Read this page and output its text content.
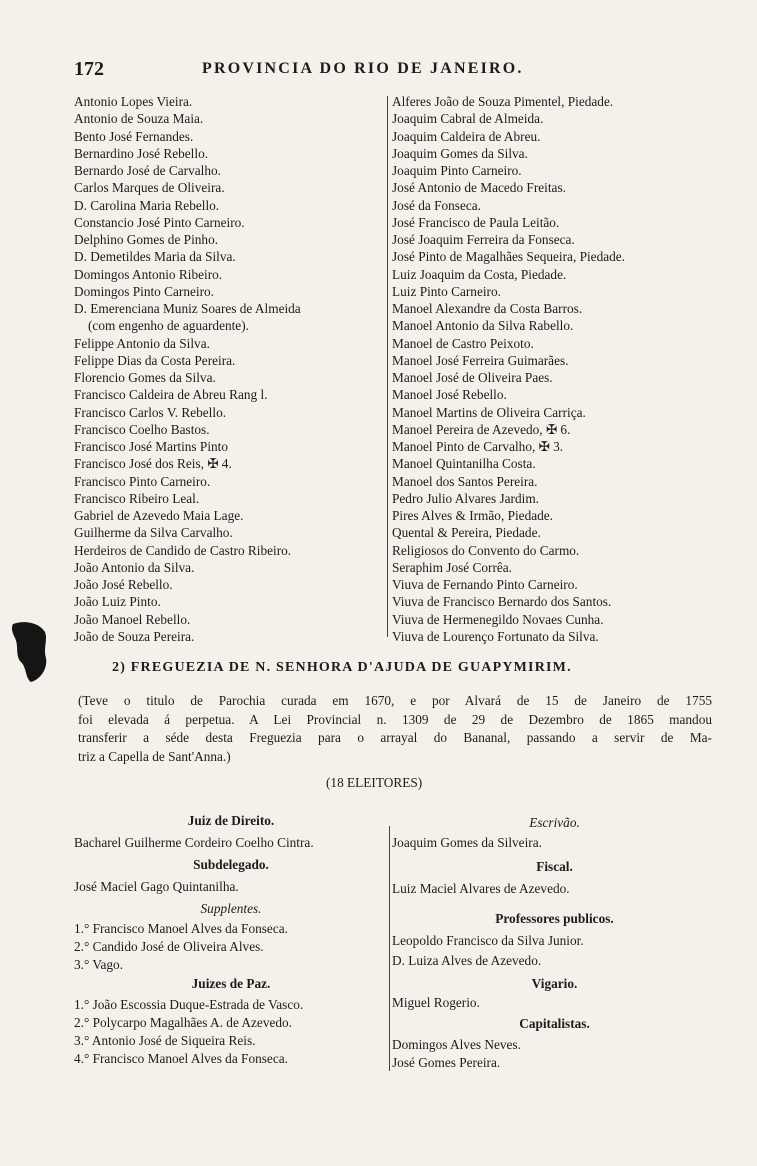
172	PROVINCIA DO RIO DE JANEIRO.
Antonio Lopes Vieira.
Antonio de Souza Maia.
Bento José Fernandes.
Bernardino José Rebello.
Bernardo José de Carvalho.
Carlos Marques de Oliveira.
D. Carolina Maria Rebello.
Constancio José Pinto Carneiro.
Delphino Gomes de Pinho.
D. Demetildes Maria da Silva.
Domingos Antonio Ribeiro.
Domingos Pinto Carneiro.
D. Emerenciana Muniz Soares de Almeida
(com engenho de aguardente).
Felippe Antonio da Silva.
Felippe Dias da Costa Pereira.
Florencio Gomes da Silva.
Francisco Caldeira de Abreu Rang l.
Francisco Carlos V. Rebello.
Francisco Coelho Bastos.
Francisco José Martins Pinto
Francisco José dos Reis, ✠ 4.
Francisco Pinto Carneiro.
Francisco Ribeiro Leal.
Gabriel de Azevedo Maia Lage.
Guilherme da Silva Carvalho.
Herdeiros de Candido de Castro Ribeiro.
João Antonio da Silva.
João José Rebello.
João Luiz Pinto.
João Manoel Rebello.
João de Souza Pereira.
Alferes João de Souza Pimentel, Piedade.
Joaquim Cabral de Almeida.
Joaquim Caldeira de Abreu.
Joaquim Gomes da Silva.
Joaquim Pinto Carneiro.
José Antonio de Macedo Freitas.
José da Fonseca.
José Francisco de Paula Leitão.
José Joaquim Ferreira da Fonseca.
José Pinto de Magalhães Sequeira, Piedade.
Luiz Joaquim da Costa, Piedade.
Luiz Pinto Carneiro.
Manoel Alexandre da Costa Barros.
Manoel Antonio da Silva Rabello.
Manoel de Castro Peixoto.
Manoel José Ferreira Guimarães.
Manoel José de Oliveira Paes.
Manoel José Rebello.
Manoel Martins de Oliveira Carriça.
Manoel Pereira de Azevedo, ✠ 6.
Manoel Pinto de Carvalho, ✠ 3.
Manoel Quintanilha Costa.
Manoel dos Santos Pereira.
Pedro Julio Alvares Jardim.
Pires Alves & Irmão, Piedade.
Quental & Pereira, Piedade.
Religiosos do Convento do Carmo.
Seraphim José Corrêa.
Viuva de Fernando Pinto Carneiro.
Viuva de Francisco Bernardo dos Santos.
Viuva de Hermenegildo Novaes Cunha.
Viuva de Lourenço Fortunato da Silva.
2) FREGUEZIA DE N. SENHORA D'AJUDA DE GUAPYMIRIM.
(Teve o titulo de Parochia curada em 1670, e por Alvará de 15 de Janeiro de 1755
foi elevada á perpetua. A Lei Provincial n. 1309 de 29 de Dezembro de 1865 mandou
transferir a séde desta Freguezia para o arrayal do Bananal, passando a servir de Ma-
triz a Capella de Sant'Anna.)
(18 ELEITORES)
Juiz de Direito.
Bacharel Guilherme Cordeiro Coelho Cintra.
Subdelegado.
José Maciel Gago Quintanilha.
Supplentes.
1.° Francisco Manoel Alves da Fonseca.
2.° Candido José de Oliveira Alves.
3.° Vago.
Juizes de Paz.
1.° João Escossia Duque-Estrada de Vasco.
2.° Polycarpo Magalhães A. de Azevedo.
3.° Antonio José de Siqueira Reis.
4.° Francisco Manoel Alves da Fonseca.
Escrivão.
Joaquim Gomes da Silveira.
Fiscal.
Luiz Maciel Alvares de Azevedo.
Professores publicos.
Leopoldo Francisco da Silva Junior.
D. Luiza Alves de Azevedo.
Vigario.
Miguel Rogerio.
Capitalistas.
Domingos Alves Neves.
José Gomes Pereira.
